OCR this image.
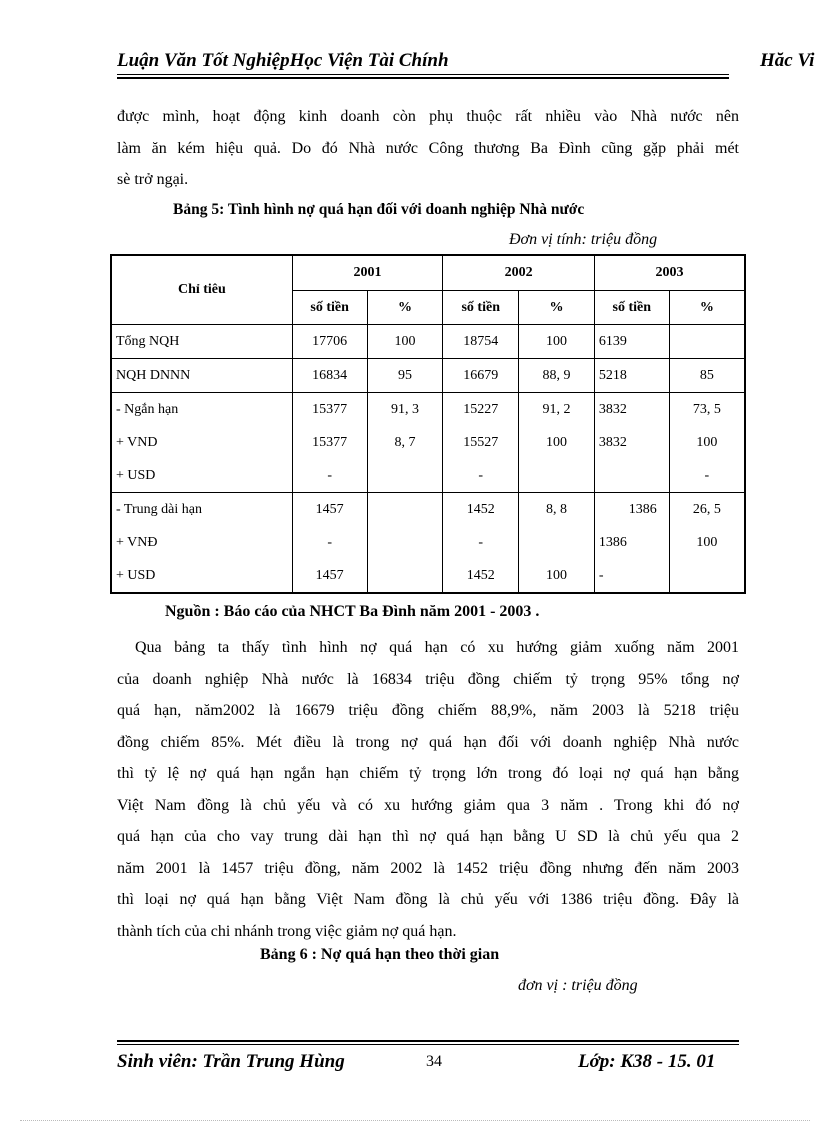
Luận Văn Tốt NghiệpHọc Viện Tài Chính	Hăc Vi
được mình, hoạt động kinh doanh còn phụ thuộc rất nhiều vào Nhà nước nên
làm ăn kém hiệu quả. Do đó Nhà nước Công thương Ba Đình cũng gặp phải mét
sè trở ngại.
Bảng 5: Tình hình nợ quá hạn đối với doanh nghiệp Nhà nước
Đơn vị tính: triệu đồng
Chỉ tiêu	2001		2002		2003	
	số tiền	%	số tiền	%	số tiền	%
Tổng NQH	17706	100	18754	100	6139	
NQH DNNN	16834	95	16679	88, 9	5218	85
- Ngắn hạn	15377	91, 3	15227	91, 2	3832	73, 5
+ VND	15377	8, 7	15527	100	3832	100
+ USD	-		-			-
- Trung dài hạn	1457		1452	8, 8	1386	26, 5
+ VNĐ	-		-		1386	100
+ USD	1457		1452	100	-	
Nguồn : Báo cáo của NHCT Ba Đình năm 2001 - 2003 .
Qua bảng ta thấy tình hình nợ quá hạn có xu hướng giảm xuống năm 2001
của doanh nghiệp Nhà nước là 16834 triệu đồng chiếm tỷ trọng 95% tổng nợ
quá hạn, năm2002 là 16679 triệu đồng chiếm 88,9%, năm 2003 là 5218 triệu
đồng chiếm 85%. Mét điều là trong nợ quá hạn đối với doanh nghiệp Nhà nước
thì tỷ lệ nợ quá hạn ngắn hạn chiếm tỷ trọng lớn trong đó loại nợ quá hạn bằng
Việt Nam đồng là chủ yếu và có xu hướng giảm qua 3 năm . Trong khi đó nợ
quá hạn của cho vay trung dài hạn thì nợ quá hạn bằng U SD là chủ yếu qua 2
năm 2001 là 1457 triệu đồng, năm 2002 là 1452 triệu đồng nhưng đến năm 2003
thì loại nợ quá hạn bằng Việt Nam đồng là chủ yếu với 1386 triệu đồng. Đây là
thành tích của chi nhánh trong việc giảm nợ quá hạn.
Bảng 6 : Nợ quá hạn theo thời gian
đơn vị : triệu đồng
Sinh viên: Trần Trung Hùng	34	Lớp: K38 - 15. 01
